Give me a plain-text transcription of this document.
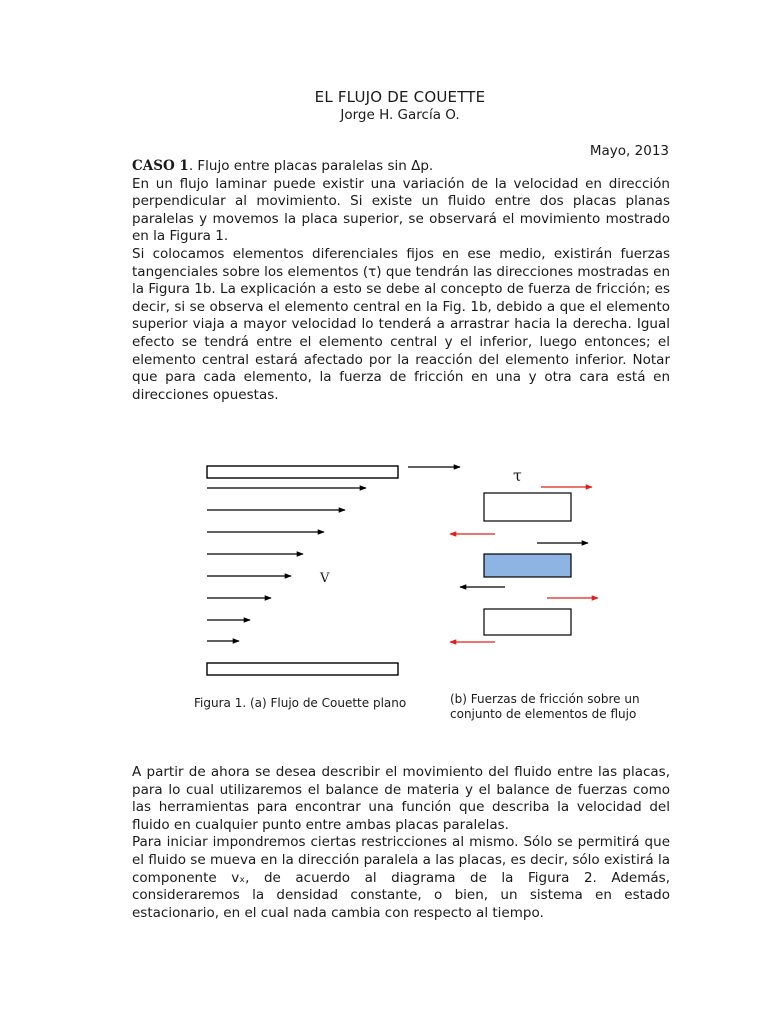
EL FLUJO DE COUETTE
Jorge H. García O.
Mayo, 2013

CASO 1. Flujo entre placas paralelas sin Δp.

En un flujo laminar puede existir una variación de la velocidad en dirección perpendicular al movimiento. Si existe un fluido entre dos placas planas paralelas y movemos la placa superior, se observará el movimiento mostrado en la Figura 1.

Si colocamos elementos diferenciales fijos en ese medio, existirán fuerzas tangenciales sobre los elementos (τ) que tendrán las direcciones mostradas en la Figura 1b. La explicación a esto se debe al concepto de fuerza de fricción; es decir, si se observa el elemento central en la Fig. 1b, debido a que el elemento superior viaja a mayor velocidad lo tenderá a arrastrar hacia la derecha. Igual efecto se tendrá entre el elemento central y el inferior, luego entonces; el elemento central estará afectado por la reacción del elemento inferior. Notar que para cada elemento, la fuerza de fricción en una y otra cara está en direcciones opuestas.

V
τ
Figura 1. (a) Flujo de Couette plano	(b) Fuerzas de fricción sobre un conjunto de elementos de flujo

A partir de ahora se desea describir el movimiento del fluido entre las placas, para lo cual utilizaremos el balance de materia y el balance de fuerzas como las herramientas para encontrar una función que describa la velocidad del fluido en cualquier punto entre ambas placas paralelas.

Para iniciar impondremos ciertas restricciones al mismo. Sólo se permitirá que el fluido se mueva en la dirección paralela a las placas, es decir, sólo existirá la componente vₓ, de acuerdo al diagrama de la Figura 2. Además, consideraremos la densidad constante, o bien, un sistema en estado estacionario, en el cual nada cambia con respecto al tiempo.
